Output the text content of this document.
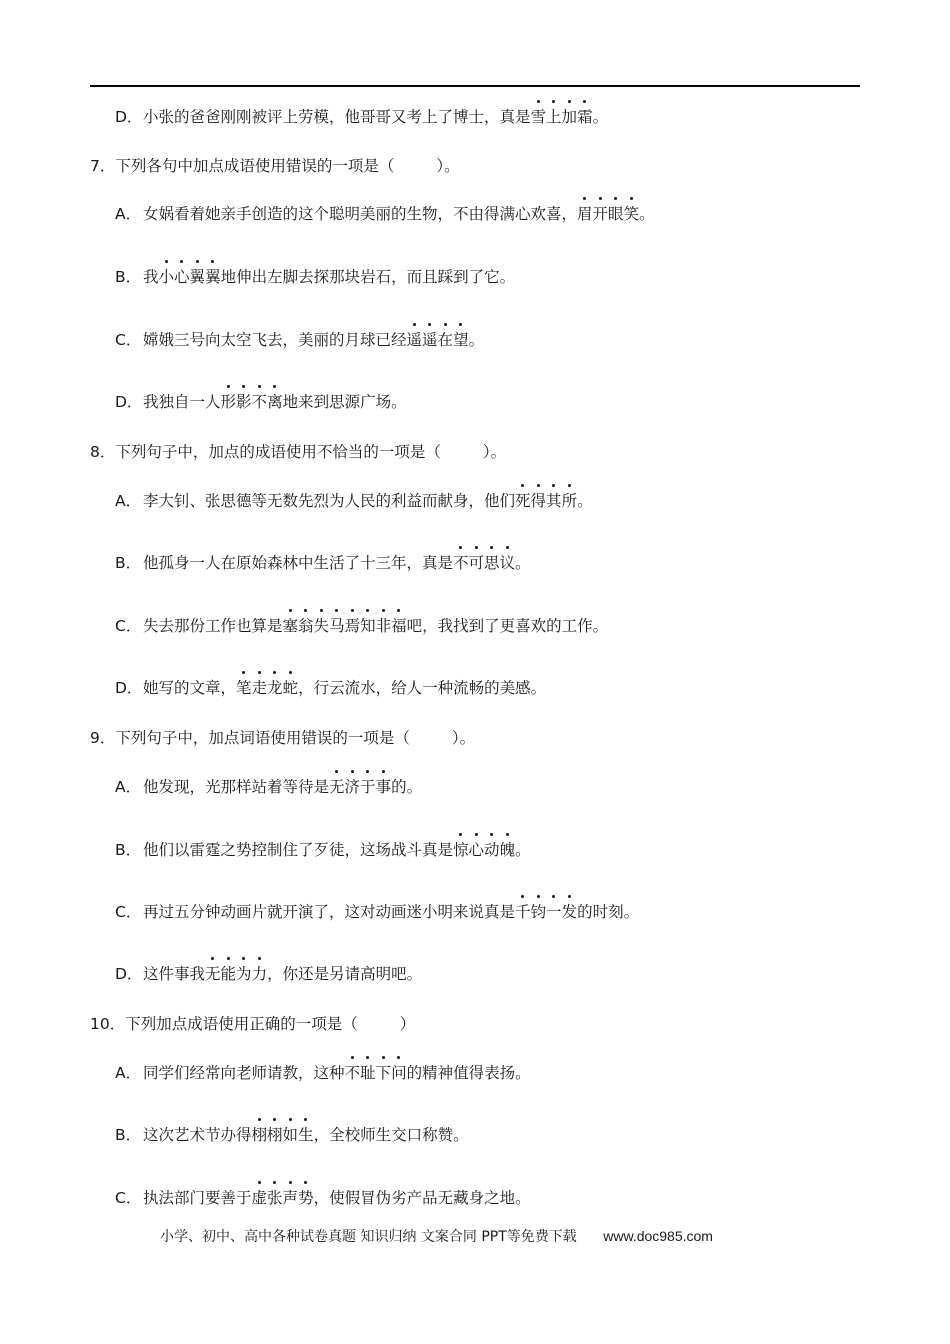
D．小张的爸爸刚刚被评上劳模，他哥哥又考上了博士，真是雪上加霜。
7．下列各句中加点成语使用错误的一项是（	）。
A． 女娲看着她亲手创造的这个聪明美丽的生物，不由得满心欢喜，眉开眼笑。
B． 我小心翼翼地伸出左脚去探那块岩石，而且踩到了它。
C． 嫦娥三号向太空飞去，美丽的月球已经遥遥在望。
D．我独自一人形影不离地来到思源广场。
8．下列句子中，加点的成语使用不恰当的一项是（	）。
A． 李大钊、张思德等无数先烈为人民的利益而献身，他们死得其所。
B． 他孤身一人在原始森林中生活了十三年，真是不可思议。
C． 失去那份工作也算是塞翁失马焉知非福吧，我找到了更喜欢的工作。
D．她写的文章，笔走龙蛇，行云流水，给人一种流畅的美感。
9．下列句子中，加点词语使用错误的一项是（	）。
A． 他发现，光那样站着等待是无济于事的。
B． 他们以雷霆之势控制住了歹徒，这场战斗真是惊心动魄。
C． 再过五分钟动画片就开演了，这对动画迷小明来说真是千钧一发的时刻。
D．这件事我无能为力，你还是另请高明吧。
10．下列加点成语使用正确的一项是（	）
A． 同学们经常向老师请教，这种不耻下问的精神值得表扬。
B． 这次艺术节办得栩栩如生，全校师生交口称赞。
C． 执法部门要善于虚张声势，使假冒伪劣产品无藏身之地。
小学、初中、高中各种试卷真题 知识归纳 文案合同 PPT等免费下载 www.doc985.com
